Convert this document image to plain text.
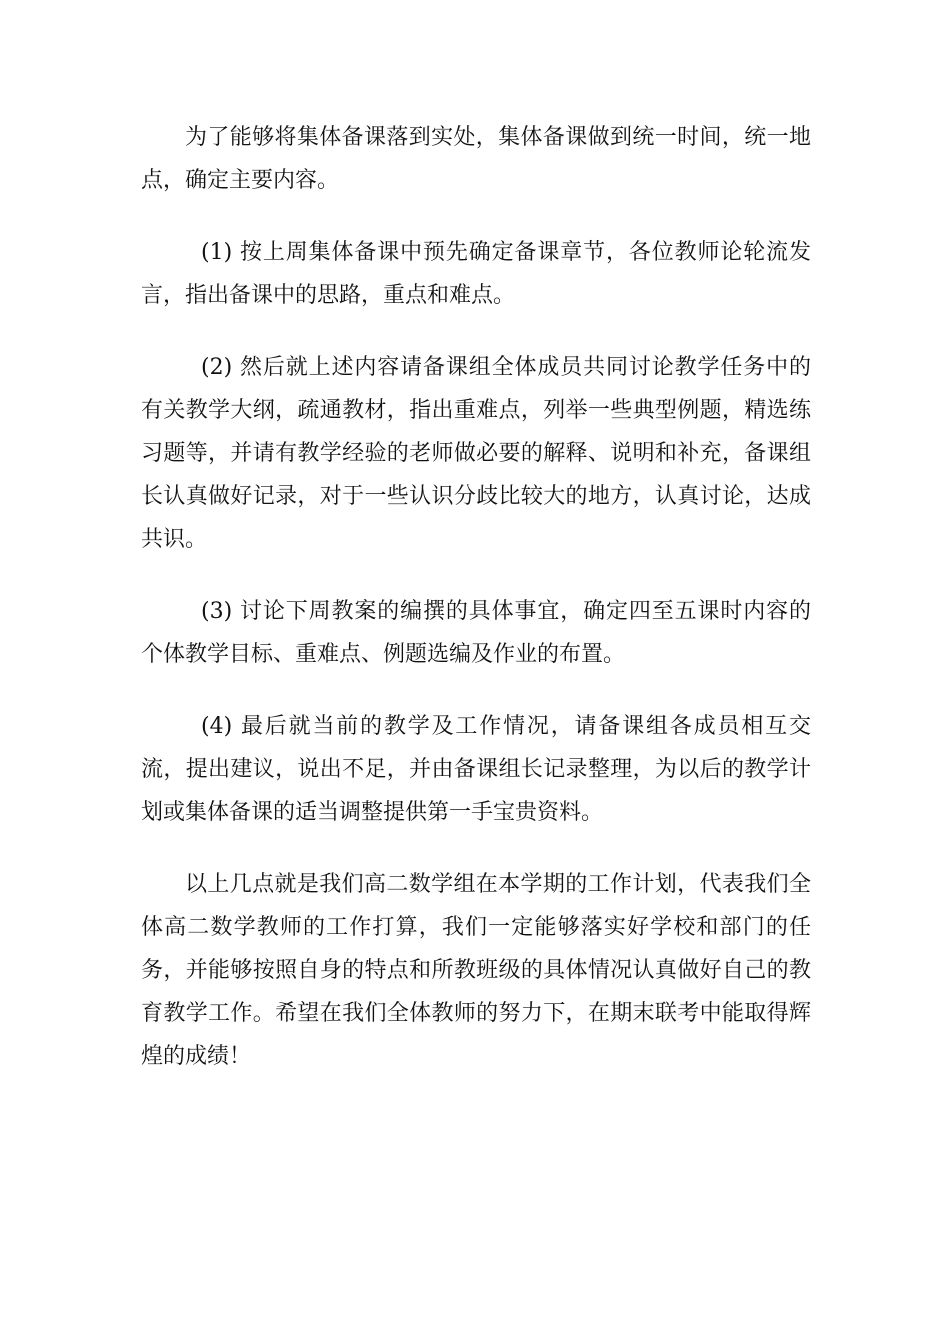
为了能够将集体备课落到实处，集体备课做到统一时间，统一地点，确定主要内容。

(1) 按上周集体备课中预先确定备课章节，各位教师论轮流发言，指出备课中的思路，重点和难点。

(2) 然后就上述内容请备课组全体成员共同讨论教学任务中的有关教学大纲，疏通教材，指出重难点，列举一些典型例题，精选练习题等，并请有教学经验的老师做必要的解释、说明和补充，备课组长认真做好记录，对于一些认识分歧比较大的地方，认真讨论，达成共识。

(3) 讨论下周教案的编撰的具体事宜，确定四至五课时内容的个体教学目标、重难点、例题选编及作业的布置。

(4) 最后就当前的教学及工作情况，请备课组各成员相互交流，提出建议，说出不足，并由备课组长记录整理，为以后的教学计划或集体备课的适当调整提供第一手宝贵资料。

以上几点就是我们高二数学组在本学期的工作计划，代表我们全体高二数学教师的工作打算，我们一定能够落实好学校和部门的任务，并能够按照自身的特点和所教班级的具体情况认真做好自己的教育教学工作。希望在我们全体教师的努力下，在期末联考中能取得辉煌的成绩！
